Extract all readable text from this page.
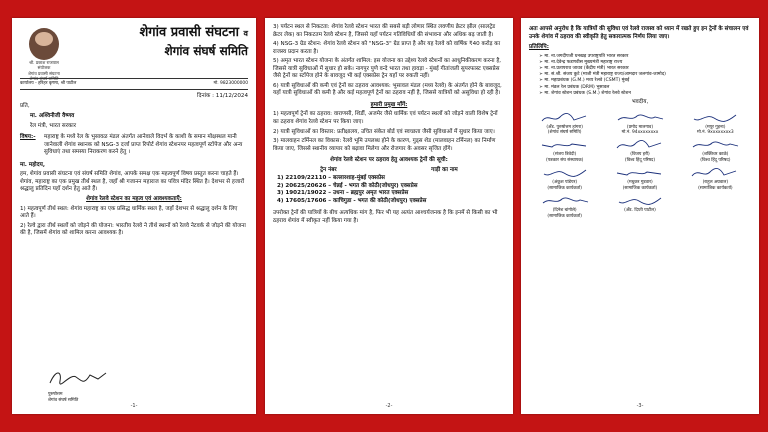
श्री. प्रकाश राजपाल
संयोजक
शेगांव प्रवासी संघटना
शेगांव संघर्ष समिति
शेगांव प्रवासी संघटना व
शेगांव संघर्ष समिति
कार्यालय - हरिहर कृष्णा, श्री पाटील	मो. 9823000000
दिनांक : 11/12/2024

प्रति,

मा. अश्विनीजी वैष्णव

रेल मंत्री, भारत सरकार

विषय:-	महाराष्ट्र के मध्ये रेल के भुसावळ मंडल अंतर्गत आनेवाले विदर्भ के काशी के समान मोक्षस्थल मानी जानेवाली शेगांव स्थानक को NSG-3 दर्जा प्राप्त रिपोर्ट शेगांव स्टेशनपर महत्वपूर्ण स्टॉपेज और अन्य सुविधाएं तथा समस्या निराकरण करने हेतु ।

मा. महोदय,

हम, शेगांव प्रवासी संघटना एवं संघर्ष समिति शेगांव, आपके समक्ष एक महत्वपूर्ण विषय प्रस्तुत करना चाहते हैं। शेगांव, महाराष्ट्र का एक प्रमुख तीर्थ स्थल है, जहाँ श्री गजानन महाराज का पवित्र मंदिर स्थित है। देशभर से हजारों श्रद्धालु प्रतिदिन यहाँ दर्शन हेतु आते हैं।

शेगांव रेलवे स्टेशन का महत्व एवं आवश्यकताएँ:

1) महत्वपूर्ण तीर्थ स्थल: शेगांव महाराष्ट्र का एक प्रसिद्ध धार्मिक स्थल है, जहाँ देशभर से श्रद्धालु दर्शन के लिए आते हैं।

2) रेल्वे द्वारा तीर्थ स्थलों को जोड़ने की योजना: भारतीय रेलवे ने तीर्थ स्थानों को रेलवे नेटवर्क से जोड़ने की योजना की है, जिसमें शेगांव को शामिल करना आवश्यक है।

पुरुषोत्तम
शेगांव संघर्ष समिति
-1-

3) पर्यटन स्थल से निकटता: शेगांव रेलवे स्टेशन भारत की सबसे बड़ी लोणार स्थित लवणीय क्रेटर झील (सालट्रेड क्रेटर लेक) का निकटतम रेलवे स्टेशन है, जिससे यहाँ पर्यटन गतिविधियों की संभावना और अधिक बढ़ जाती है।

4) NSG-3 ग्रेड स्टेशन: शेगांव रेलवे स्टेशन को "NSG-3" ग्रेड प्राप्त है और यह रेलवे को वार्षिक ₹40 करोड़ का राजस्व प्रदान करता है।

5) अमृत भारत स्टेशन योजना के अंतर्गत शामिल: इस योजना का उद्देश्य रेलवे स्टेशनों का आधुनिकीकरण करना है, जिससे यात्री सुविधाओं में सुधार हो सके। नागपुर पुणे वन्दे भारत तथा हावड़ा - मुंबई गीतांजली सुपरफास्ट एक्सप्रेस जैसे ट्रेनों का स्टॉपेज होने के बावजूद भी कई एक्सप्रेस ट्रेन यहाँ पर रुकती नहीं।

6) यात्री सुविधाओं की कमी एवं ट्रेनों का ठहराव आवश्यक: भुसावल मंडल (मध्य रेलवे) के अंतर्गत होने के बावजूद, यहाँ यात्री सुविधाओं की कमी है और कई महत्वपूर्ण ट्रेनों का ठहराव नहीं है, जिससे यात्रियों को असुविधा हो रही है।

हमारी प्रमुख माँगें:

1) महत्वपूर्ण ट्रेनों का ठहराव: वाराणसी, शिर्डी, अजमेर जैसे धार्मिक एवं पर्यटन स्थलों को जोड़ने वाली विशेष ट्रेनों का ठहराव शेगांव रेलवे स्टेशन पर किया जाए।

2) यात्री सुविधाओं का विस्तार: प्रतीक्षालय, उचित संकेत बोर्ड एवं स्वच्छता जैसी सुविधाओं में सुधार किया जाए।

3) मालवाहन टर्मिनल का विकास: रेलवे भूमि उपलब्ध होने के कारण, गुड्स शेड (मालवाहन टर्मिनल) का निर्माण किया जाए, जिससे स्थानीय व्यापार को बढ़ावा मिलेगा और रोजगार के अवसर सृजित होंगे।

शेगांव रेलवे स्टेशन पर ठहराव हेतु आवश्यक ट्रेनों की सूची:

ट्रेन नंबर	गाड़ी का नाम
1) 22109/22110 – बल्लारशाह-मुंबई एक्सप्रेस
2) 20625/20626 – चेन्नई - भगत की कोठी(जोधपुर) एक्सप्रेस
3) 19021/19022 – उधना – ब्रह्मपुर अमृत भारत एक्सप्रेस
4) 17605/17606 – काचिगुडा - भगत की कोठी(जोधपुर) एक्सप्रेस

उपरोक्त ट्रेनों की यात्रियों के बीच अत्यधिक मांग है, फिर भी यह अत्यंत आश्चर्यजनक है कि इनमें से किसी का भी ठहराव शेगांव में स्वीकृत नहीं किया गया है।

-2-

अतः आपसे अनुरोध है कि यात्रियों की सुविधा एवं रेलवे राजस्व को ध्यान में रखते हुए इन ट्रेनों के संचालन एवं उनके शेगांव में ठहराव की स्वीकृति हेतु सकारात्मक निर्णय लिया जाए।

प्रतिलिपि:

➢ मा. ना.जगदीपजी धनखड़ उपराष्ट्रपति भारत सरकार
➢ मा. ना.देवेन्द्र फडणवीस मुख्यमंत्री महाराष्ट्र राज्य
➢ मा. ना.प्रतापराव जाधव (केंद्रीय मंत्री) भारत सरकार
➢ मा. सं.श्री. संजय कुटे (माजी मंत्री महाराष्ट्र राज्य/आमदार जलगांव-जामोद)
➢ मा. महाप्रबंधक (G.M.) मध्य रेलवे (CSMT) मुंबई
➢ मा. मंडल रेल प्रबंधक (DRM) भुसावल
➢ मा. शेगांव स्टेशन प्रबंधक (S.M.) शेगांव रेलवे स्टेशन

भवदीय,

(अँड. पुरुषोत्तम हांगरा)
(शेगांव संघर्ष समिति)
(प्रमोद मालगाव)
मो.नं. 94xxxxxxxx
(मयूर गुहना)
मो.नं. 9xxxxxxxx3
(संजय त्रिवेदी)
(पत्रकार संघ संस्थापक)
(विजय हरी)
(विश्व हिंदू परिषद)
(शक्तिधर काळे)
(विश्व हिंदू परिषद)
(अंकुश पांडेयर)
(सामाजिक कार्यकर्ता)
(मधुकर गुडवार)
(सामाजिक कार्यकर्ता)
(राहुल अग्रवाल)
(सामाजिक कार्यकर्ता)
(दिनेश बांगोले)
(सामाजिक कार्यकर्ता)
(अँड. दिप्ती पाटील)
-3-
